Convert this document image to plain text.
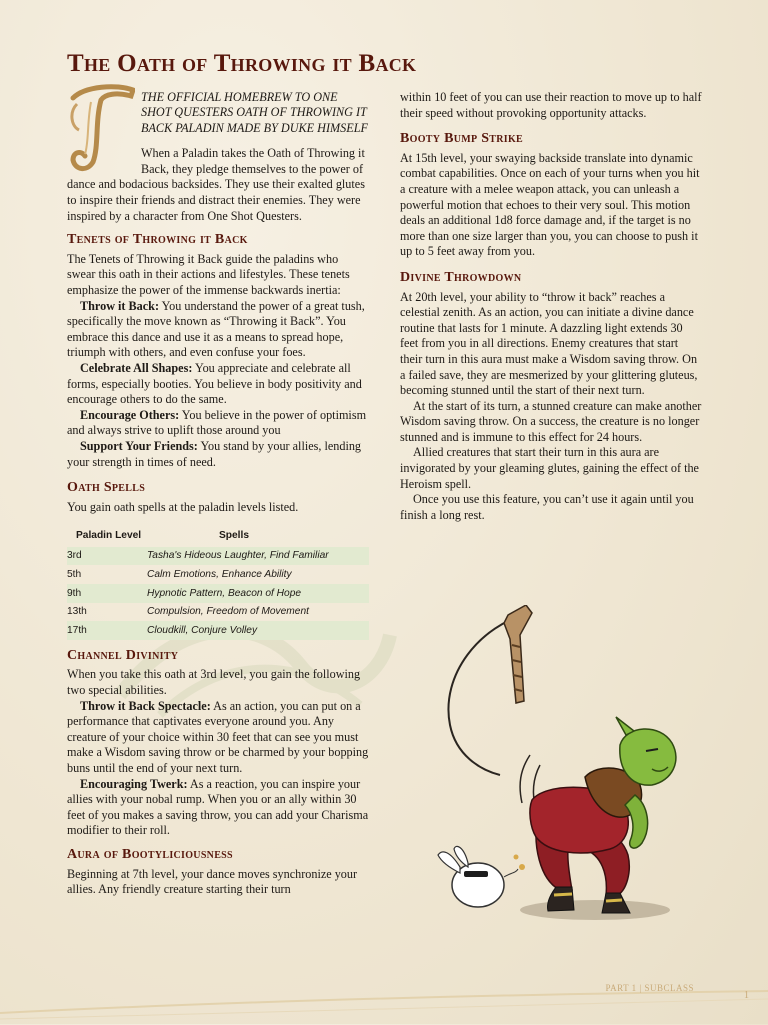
The Oath of Throwing it Back

THE OFFICIAL HOMEBREW TO ONE SHOT QUESTERS OATH OF THROWING IT BACK PALADIN MADE BY DUKE HIMSELF

When a Paladin takes the Oath of Throwing it Back, they pledge themselves to the power of dance and bodacious backsides. They use their exalted glutes to inspire their friends and distract their enemies. They were inspired by a character from One Shot Questers.

Tenets of Throwing it Back

The Tenets of Throwing it Back guide the paladins who swear this oath in their actions and lifestyles. These tenets emphasize the power of the immense backwards inertia:

Throw it Back: You understand the power of a great tush, specifically the move known as “Throwing it Back”. You embrace this dance and use it as a means to spread hope, triumph with others, and even confuse your foes.

Celebrate All Shapes: You appreciate and celebrate all forms, especially booties. You believe in body positivity and encourage others to do the same.

Encourage Others: You believe in the power of optimism and always strive to uplift those around you

Support Your Friends: You stand by your allies, lending your strength in times of need.

Oath Spells

You gain oath spells at the paladin levels listed.

Paladin Level	Spells
3rd	Tasha's Hideous Laughter, Find Familiar
5th	Calm Emotions, Enhance Ability
9th	Hypnotic Pattern, Beacon of Hope
13th	Compulsion, Freedom of Movement
17th	Cloudkill, Conjure Volley
Channel Divinity

When you take this oath at 3rd level, you gain the following two special abilities.

Throw it Back Spectacle: As an action, you can put on a performance that captivates everyone around you. Any creature of your choice within 30 feet that can see you must make a Wisdom saving throw or be charmed by your bopping buns until the end of your next turn.

Encouraging Twerk: As a reaction, you can inspire your allies with your nobal rump. When you or an ally within 30 feet of you makes a saving throw, you can add your Charisma modifier to their roll.

Aura of Bootyliciousness

Beginning at 7th level, your dance moves synchronize your allies. Any friendly creature starting their turn

within 10 feet of you can use their reaction to move up to half their speed without provoking opportunity attacks.

Booty Bump Strike

At 15th level, your swaying backside translate into dynamic combat capabilities. Once on each of your turns when you hit a creature with a melee weapon attack, you can unleash a powerful motion that echoes to their very soul. This motion deals an additional 1d8 force damage and, if the target is no more than one size larger than you, you can choose to push it up to 5 feet away from you.

Divine Throwdown

At 20th level, your ability to “throw it back” reaches a celestial zenith. As an action, you can initiate a divine dance routine that lasts for 1 minute. A dazzling light extends 30 feet from you in all directions. Enemy creatures that start their turn in this aura must make a Wisdom saving throw. On a failed save, they are mesmerized by your glittering gluteus, becoming stunned until the start of their next turn.

At the start of its turn, a stunned creature can make another Wisdom saving throw. On a success, the creature is no longer stunned and is immune to this effect for 24 hours.

Allied creatures that start their turn in this aura are invigorated by your gleaming glutes, gaining the effect of the Heroism spell.

Once you use this feature, you can’t use it again until you finish a long rest.

PART 1 | SUBCLASS
1
